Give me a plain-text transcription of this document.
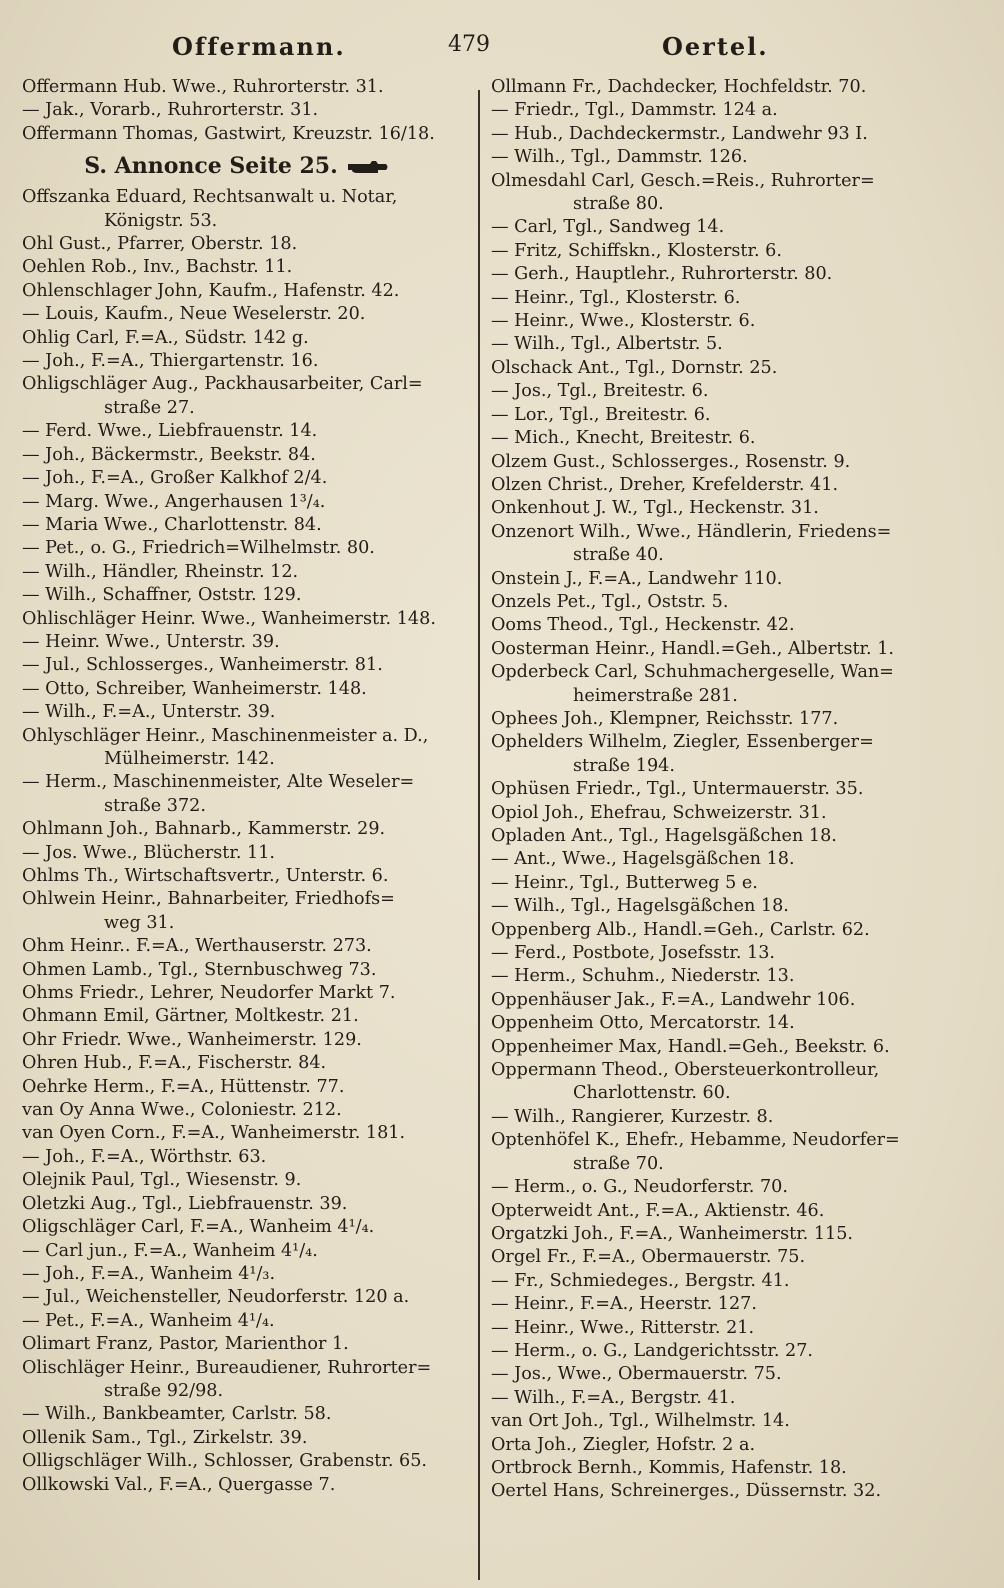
Offermann.	479	Oertel.
Offermann Hub. Wwe., Ruhrorterstr. 31.
— Jak., Vorarb., Ruhrorterstr. 31.
Offermann Thomas, Gastwirt, Kreuzstr. 16/18.
S. Annonce Seite 25.
Offszanka Eduard, Rechtsanwalt u. Notar,
Königstr. 53.
Ohl Gust., Pfarrer, Oberstr. 18.
Oehlen Rob., Inv., Bachstr. 11.
Ohlenschlager John, Kaufm., Hafenstr. 42.
— Louis, Kaufm., Neue Weselerstr. 20.
Ohlig Carl, F.=A., Südstr. 142 g.
— Joh., F.=A., Thiergartenstr. 16.
Ohligschläger Aug., Packhausarbeiter, Carl=
straße 27.
— Ferd. Wwe., Liebfrauenstr. 14.
— Joh., Bäckermstr., Beekstr. 84.
— Joh., F.=A., Großer Kalkhof 2/4.
— Marg. Wwe., Angerhausen 1³/₄.
— Maria Wwe., Charlottenstr. 84.
— Pet., o. G., Friedrich=Wilhelmstr. 80.
— Wilh., Händler, Rheinstr. 12.
— Wilh., Schaffner, Oststr. 129.
Ohlischläger Heinr. Wwe., Wanheimerstr. 148.
— Heinr. Wwe., Unterstr. 39.
— Jul., Schlosserges., Wanheimerstr. 81.
— Otto, Schreiber, Wanheimerstr. 148.
— Wilh., F.=A., Unterstr. 39.
Ohlyschläger Heinr., Maschinenmeister a. D.,
Mülheimerstr. 142.
— Herm., Maschinenmeister, Alte Weseler=
straße 372.
Ohlmann Joh., Bahnarb., Kammerstr. 29.
— Jos. Wwe., Blücherstr. 11.
Ohlms Th., Wirtschaftsvertr., Unterstr. 6.
Ohlwein Heinr., Bahnarbeiter, Friedhofs=
weg 31.
Ohm Heinr.. F.=A., Werthauserstr. 273.
Ohmen Lamb., Tgl., Sternbuschweg 73.
Ohms Friedr., Lehrer, Neudorfer Markt 7.
Ohmann Emil, Gärtner, Moltkestr. 21.
Ohr Friedr. Wwe., Wanheimerstr. 129.
Ohren Hub., F.=A., Fischerstr. 84.
Oehrke Herm., F.=A., Hüttenstr. 77.
van Oy Anna Wwe., Coloniestr. 212.
van Oyen Corn., F.=A., Wanheimerstr. 181.
— Joh., F.=A., Wörthstr. 63.
Olejnik Paul, Tgl., Wiesenstr. 9.
Oletzki Aug., Tgl., Liebfrauenstr. 39.
Oligschläger Carl, F.=A., Wanheim 4¹/₄.
— Carl jun., F.=A., Wanheim 4¹/₄.
— Joh., F.=A., Wanheim 4¹/₃.
— Jul., Weichensteller, Neudorferstr. 120 a.
— Pet., F.=A., Wanheim 4¹/₄.
Olimart Franz, Pastor, Marienthor 1.
Olischläger Heinr., Bureaudiener, Ruhrorter=
straße 92/98.
— Wilh., Bankbeamter, Carlstr. 58.
Ollenik Sam., Tgl., Zirkelstr. 39.
Olligschläger Wilh., Schlosser, Grabenstr. 65.
Ollkowski Val., F.=A., Quergasse 7.
Ollmann Fr., Dachdecker, Hochfeldstr. 70.
— Friedr., Tgl., Dammstr. 124 a.
— Hub., Dachdeckermstr., Landwehr 93 I.
— Wilh., Tgl., Dammstr. 126.
Olmesdahl Carl, Gesch.=Reis., Ruhrorter=
straße 80.
— Carl, Tgl., Sandweg 14.
— Fritz, Schiffskn., Klosterstr. 6.
— Gerh., Hauptlehr., Ruhrorterstr. 80.
— Heinr., Tgl., Klosterstr. 6.
— Heinr., Wwe., Klosterstr. 6.
— Wilh., Tgl., Albertstr. 5.
Olschack Ant., Tgl., Dornstr. 25.
— Jos., Tgl., Breitestr. 6.
— Lor., Tgl., Breitestr. 6.
— Mich., Knecht, Breitestr. 6.
Olzem Gust., Schlosserges., Rosenstr. 9.
Olzen Christ., Dreher, Krefelderstr. 41.
Onkenhout J. W., Tgl., Heckenstr. 31.
Onzenort Wilh., Wwe., Händlerin, Friedens=
straße 40.
Onstein J., F.=A., Landwehr 110.
Onzels Pet., Tgl., Oststr. 5.
Ooms Theod., Tgl., Heckenstr. 42.
Oosterman Heinr., Handl.=Geh., Albertstr. 1.
Opderbeck Carl, Schuhmachergeselle, Wan=
heimerstraße 281.
Ophees Joh., Klempner, Reichsstr. 177.
Ophelders Wilhelm, Ziegler, Essenberger=
straße 194.
Ophüsen Friedr., Tgl., Untermauerstr. 35.
Opiol Joh., Ehefrau, Schweizerstr. 31.
Opladen Ant., Tgl., Hagelsgäßchen 18.
— Ant., Wwe., Hagelsgäßchen 18.
— Heinr., Tgl., Butterweg 5 e.
— Wilh., Tgl., Hagelsgäßchen 18.
Oppenberg Alb., Handl.=Geh., Carlstr. 62.
— Ferd., Postbote, Josefsstr. 13.
— Herm., Schuhm., Niederstr. 13.
Oppenhäuser Jak., F.=A., Landwehr 106.
Oppenheim Otto, Mercatorstr. 14.
Oppenheimer Max, Handl.=Geh., Beekstr. 6.
Oppermann Theod., Obersteuerkontrolleur,
Charlottenstr. 60.
— Wilh., Rangierer, Kurzestr. 8.
Optenhöfel K., Ehefr., Hebamme, Neudorfer=
straße 70.
— Herm., o. G., Neudorferstr. 70.
Opterweidt Ant., F.=A., Aktienstr. 46.
Orgatzki Joh., F.=A., Wanheimerstr. 115.
Orgel Fr., F.=A., Obermauerstr. 75.
— Fr., Schmiedeges., Bergstr. 41.
— Heinr., F.=A., Heerstr. 127.
— Heinr., Wwe., Ritterstr. 21.
— Herm., o. G., Landgerichtsstr. 27.
— Jos., Wwe., Obermauerstr. 75.
— Wilh., F.=A., Bergstr. 41.
van Ort Joh., Tgl., Wilhelmstr. 14.
Orta Joh., Ziegler, Hofstr. 2 a.
Ortbrock Bernh., Kommis, Hafenstr. 18.
Oertel Hans, Schreinerges., Düssernstr. 32.
